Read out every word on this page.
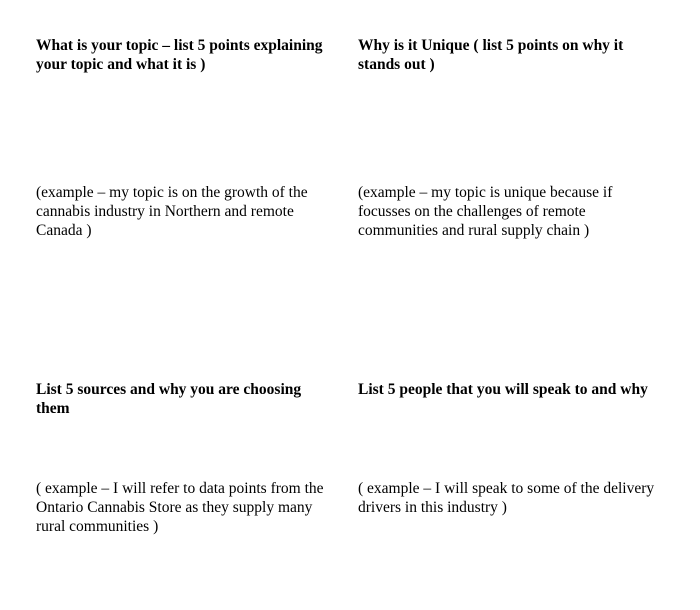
What is your topic – list 5 points explaining
your topic and what it is )
Why is it Unique ( list 5 points on why it
stands out )
(example – my topic is on the growth of the
cannabis industry in Northern and remote
Canada )
(example – my topic is unique because if
focusses on the challenges of remote
communities and rural supply chain )
List 5 sources and why you are choosing
them
List 5 people that you will speak to and why
( example – I will refer to data points from the
Ontario Cannabis Store as they supply many
rural communities )
( example – I will speak to some of the delivery
drivers in this industry )
